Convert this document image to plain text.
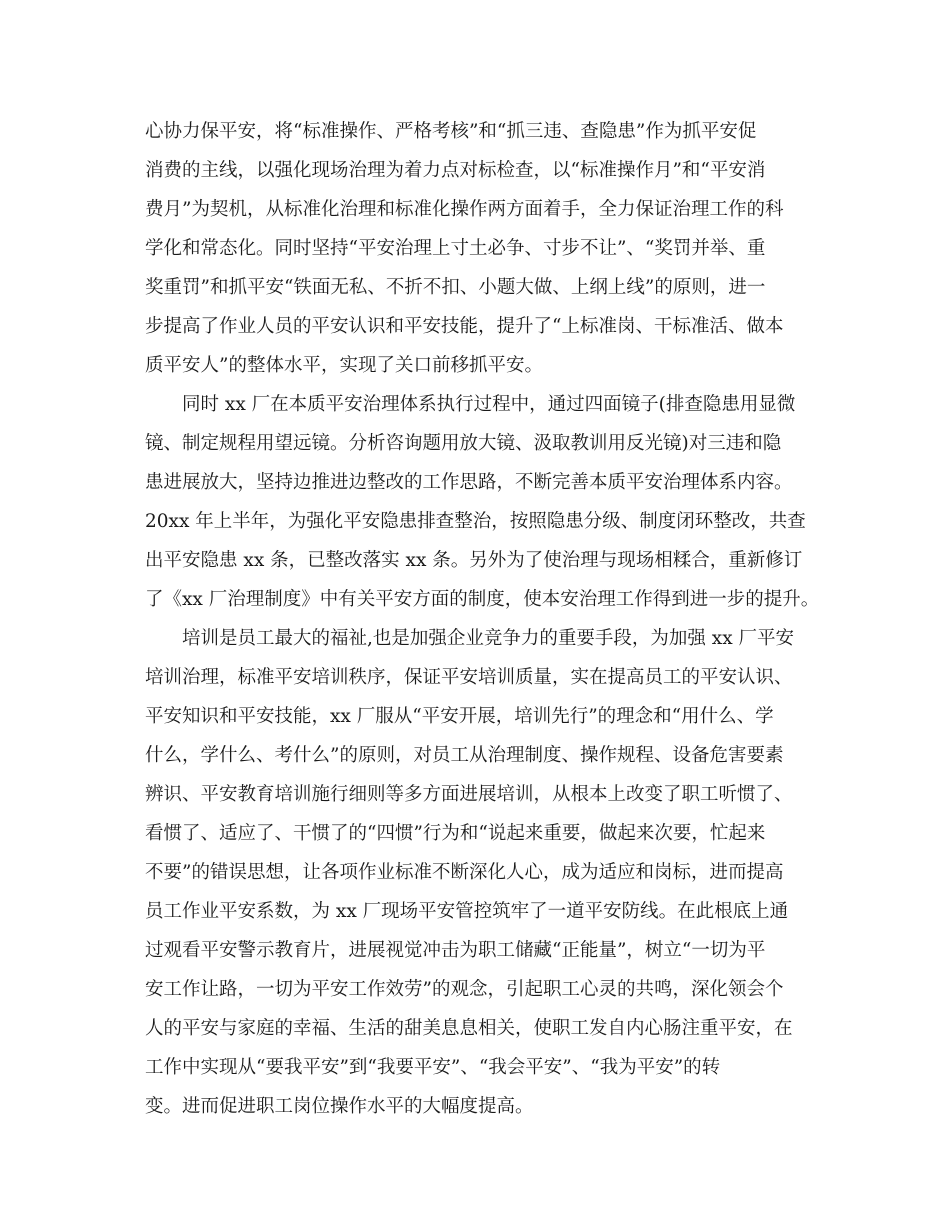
心协力保平安，将“标准操作、严格考核”和“抓三违、查隐患”作为抓平安促
消费的主线，以强化现场治理为着力点对标检查，以“标准操作月”和“平安消
费月”为契机，从标准化治理和标准化操作两方面着手，全力保证治理工作的科
学化和常态化。同时坚持“平安治理上寸土必争、寸步不让”、“奖罚并举、重
奖重罚”和抓平安“铁面无私、不折不扣、小题大做、上纲上线”的原则，进一
步提高了作业人员的平安认识和平安技能，提升了“上标准岗、干标准活、做本
质平安人”的整体水平，实现了关口前移抓平安。
　　同时 xx 厂在本质平安治理体系执行过程中，通过四面镜子(排查隐患用显微
镜、制定规程用望远镜。分析咨询题用放大镜、汲取教训用反光镜)对三违和隐
患进展放大，坚持边推进边整改的工作思路，不断完善本质平安治理体系内容。
20xx 年上半年，为强化平安隐患排查整治，按照隐患分级、制度闭环整改，共查
出平安隐患 xx 条，已整改落实 xx 条。另外为了使治理与现场相糅合，重新修订
了《xx 厂治理制度》中有关平安方面的制度，使本安治理工作得到进一步的提升。
　　培训是员工最大的福祉,也是加强企业竞争力的重要手段，为加强 xx 厂平安
培训治理，标准平安培训秩序，保证平安培训质量，实在提高员工的平安认识、
平安知识和平安技能，xx 厂服从“平安开展，培训先行”的理念和“用什么、学
什么，学什么、考什么”的原则，对员工从治理制度、操作规程、设备危害要素
辨识、平安教育培训施行细则等多方面进展培训，从根本上改变了职工听惯了、
看惯了、适应了、干惯了的“四惯”行为和“说起来重要，做起来次要，忙起来
不要”的错误思想，让各项作业标准不断深化人心，成为适应和岗标，进而提高
员工作业平安系数，为 xx 厂现场平安管控筑牢了一道平安防线。在此根底上通
过观看平安警示教育片，进展视觉冲击为职工储藏“正能量”，树立“一切为平
安工作让路，一切为平安工作效劳”的观念，引起职工心灵的共鸣，深化领会个
人的平安与家庭的幸福、生活的甜美息息相关，使职工发自内心肠注重平安，在
工作中实现从“要我平安”到“我要平安”、“我会平安”、“我为平安”的转
变。进而促进职工岗位操作水平的大幅度提高。
